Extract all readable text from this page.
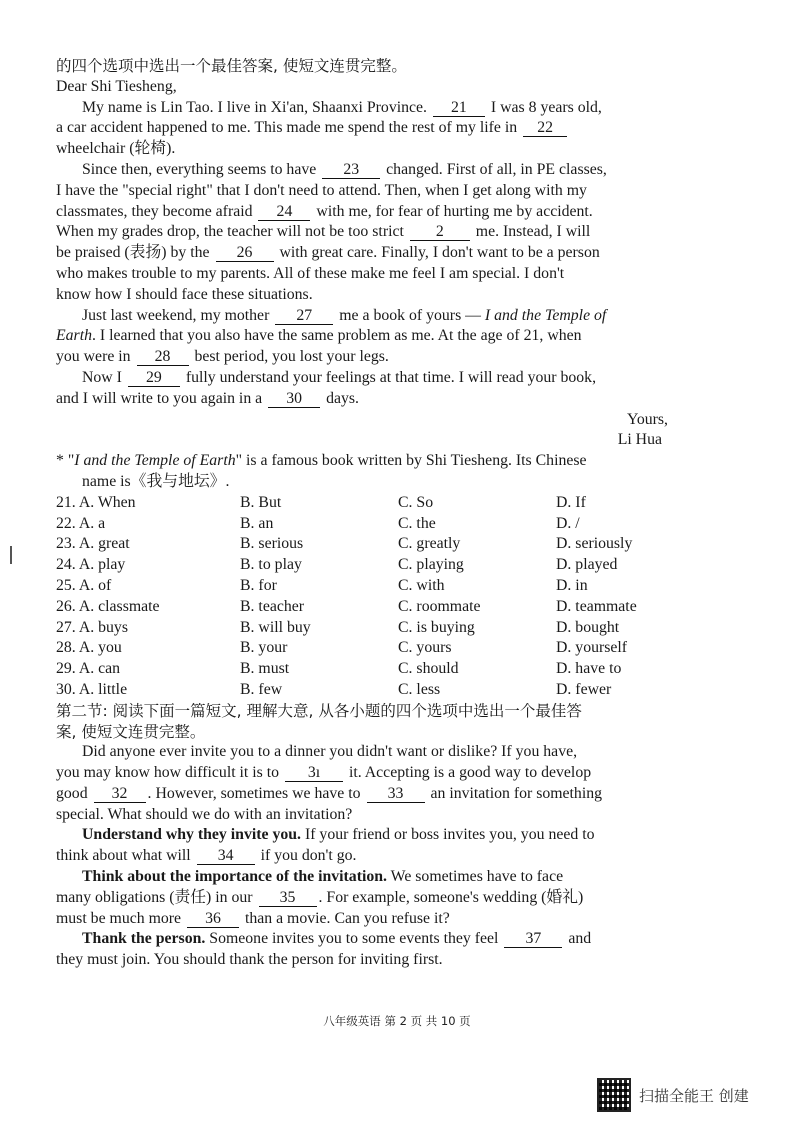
的四个选项中选出一个最佳答案, 使短文连贯完整。
Dear Shi Tiesheng,
My name is Lin Tao. I live in Xi'an, Shaanxi Province. 21 I was 8 years old,
a car accident happened to me. This made me spend the rest of my life in 22
wheelchair (轮椅).
Since then, everything seems to have 23 changed. First of all, in PE classes,
I have the "special right" that I don't need to attend. Then, when I get along with my
classmates, they become afraid 24 with me, for fear of hurting me by accident.
When my grades drop, the teacher will not be too strict 2 me. Instead, I will
be praised (表扬) by the 26 with great care. Finally, I don't want to be a person
who makes trouble to my parents. All of these make me feel I am special. I don't
know how I should face these situations.
Just last weekend, my mother 27 me a book of yours — I and the Temple of
Earth. I learned that you also have the same problem as me. At the age of 21, when
you were in 28 best period, you lost your legs.
Now I 29 fully understand your feelings at that time. I will read your book,
and I will write to you again in a 30 days.
Yours,
Li Hua
* "I and the Temple of Earth" is a famous book written by Shi Tiesheng. Its Chinese
name is《我与地坛》.
21. A. When	B. But	C. So	D. If
22. A. a	B. an	C. the	D. /
23. A. great	B. serious	C. greatly	D. seriously
24. A. play	B. to play	C. playing	D. played
25. A. of	B. for	C. with	D. in
26. A. classmate	B. teacher	C. roommate	D. teammate
27. A. buys	B. will buy	C. is buying	D. bought
28. A. you	B. your	C. yours	D. yourself
29. A. can	B. must	C. should	D. have to
30. A. little	B. few	C. less	D. fewer
第二节: 阅读下面一篇短文, 理解大意, 从各小题的四个选项中选出一个最佳答
案, 使短文连贯完整。
Did anyone ever invite you to a dinner you didn't want or dislike? If you have,
you may know how difficult it is to 3ı it. Accepting is a good way to develop
good 32 . However, sometimes we have to 33 an invitation for something
special. What should we do with an invitation?
Understand why they invite you. If your friend or boss invites you, you need to
think about what will 34 if you don't go.
Think about the importance of the invitation. We sometimes have to face
many obligations (责任) in our 35 . For example, someone's wedding (婚礼)
must be much more 36 than a movie. Can you refuse it?
Thank the person. Someone invites you to some events they feel 37 and
they must join. You should thank the person for inviting first.
八年级英语 第 2 页 共 10 页
扫描全能王 创建
